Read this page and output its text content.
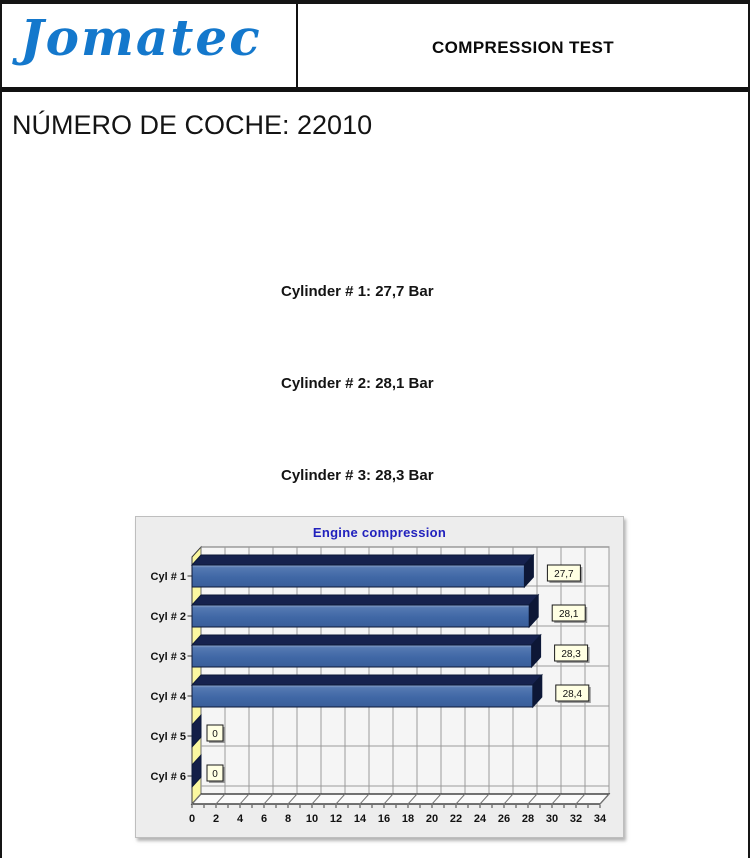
Jomatec	COMPRESSION TEST
NÚMERO DE COCHE: 22010

Cylinder # 1: 27,7 Bar

Cylinder # 2: 28,1 Bar

Cylinder # 3: 28,3 Bar

Engine compression
0 2 4 6 8 10 12 14 16 18 20 22 24 26 28 30 32 34
Cyl # 1
Cyl # 2
Cyl # 3
Cyl # 4
Cyl # 5
Cyl # 6
27,7
28,1
28,3
28,4
0
0
